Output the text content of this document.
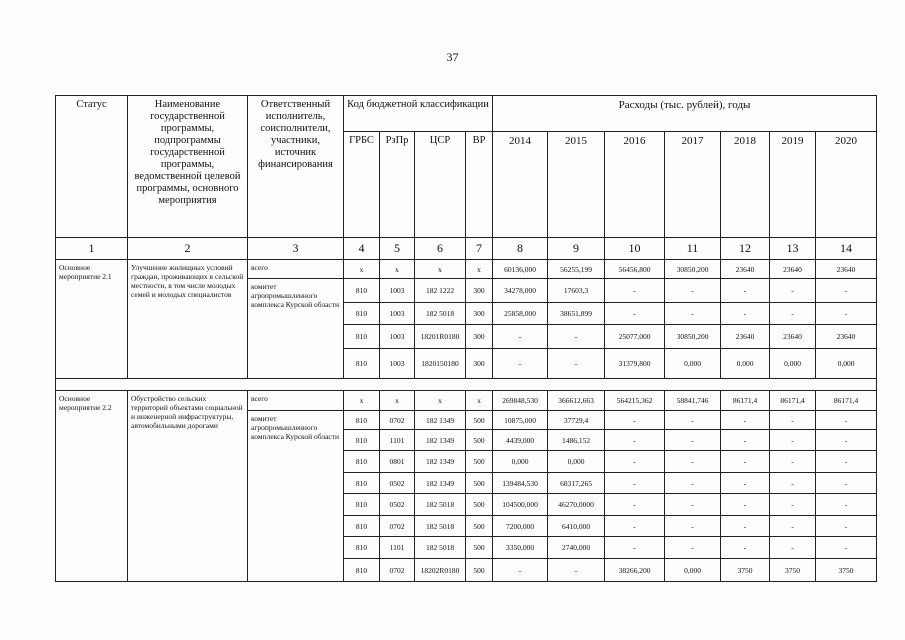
37
Статус	Наименование государственной программы, подпрограммы государственной программы, ведомственной целевой программы, основного мероприятия	Ответственный исполнитель, соисполнители, участники, источник финансирования	Код бюджетной классификации				Расходы (тыс. рублей), годы						
			ГРБС	РзПр	ЦСР	ВР	2014	2015	2016	2017	2018	2019	2020
1	2	3	4	5	6	7	8	9	10	11	12	13	14
Основное мероприятие 2.1	Улучшение жилищных условий граждан, проживающих в сельской местности, в том числе молодых семей и молодых специалистов	всего	x	x	x	x	60136,000	56255,199	56456,800	30850,200	23640	23640	23640
		комитет агропромышленного комплекса Курской области	810	1003	182 1222	300	34278,000	17603,3	-	-	-	-	-
			810	1003	182 5018	300	25858,000	38651,899	-	-	-	-	-
			810	1003	18201R0180	300	-	-	25077,000	30850,200	23640	23640	23640
			810	1003	1820150180	300	-	-	31379,800	0,000	0,000	0,000	0,000

Основное мероприятие 2.2	Обустройство сельских территорий объектами социальной и инженерной инфраструктуры, автомобильными дорогами	всего	x	x	x	x	269848,530	366612,663	564215,362	58841,746	86171,4	86171,4	86171,4
		комитет агропромышленного комплекса Курской области	810	0702	182 1349	500	10875,000	37729,4	-	-	-	-	-
			810	1101	182 1349	500	4439,000	1486,152	-	-	-	-	-
			810	0801	182 1349	500	0,000	0,000	-	-	-	-	-
			810	0502	182 1349	500	139484,530	68317,265	-	-	-	-	-
			810	0502	182 5018	500	104500,000	46270,0000	-	-	-	-	-
			810	0702	182 5018	500	7200,000	6410,000	-	-	-	-	-
			810	1101	182 5018	500	3350,000	2740,000	-	-	-	-	-
			810	0702	18202R0180	500	-	-	38266,200	0,000	3750	3750	3750
